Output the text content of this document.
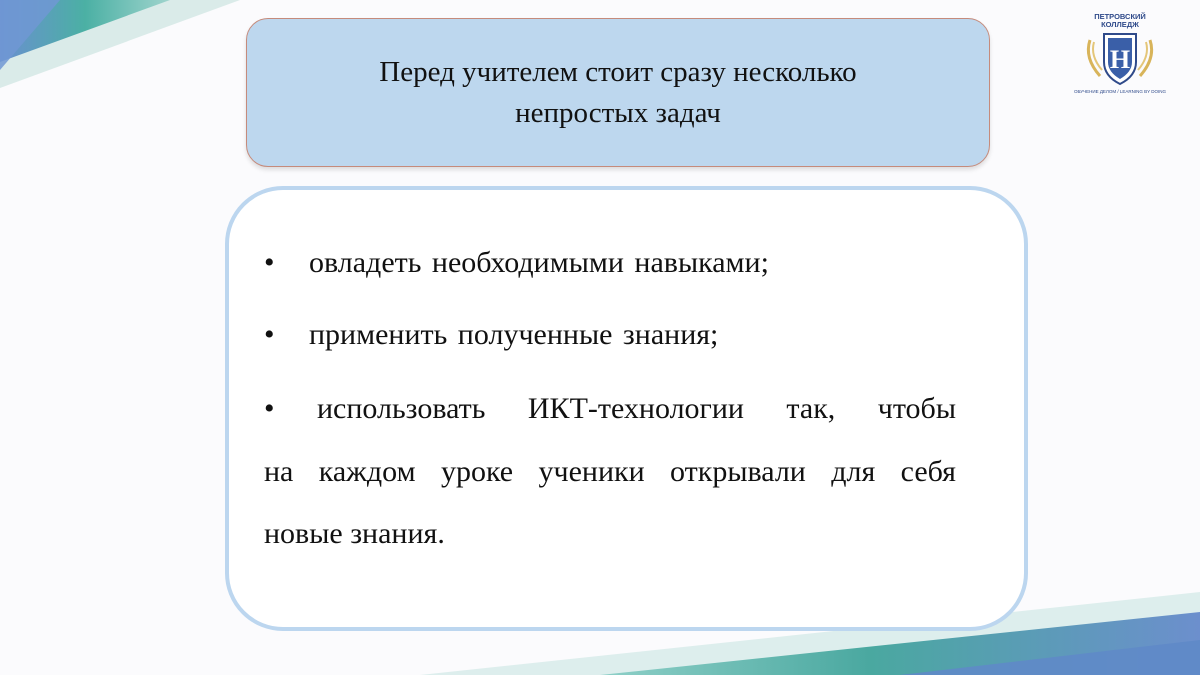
ПЕТРОВСКИЙ
КОЛЛЕДЖ
Н
ОБУЧЕНИЕ ДЕЛОМ / LEARNING BY DOING
Перед учителем стоит сразу несколько
непростых задач
• овладеть необходимыми навыками;
• применить полученные знания;
• использовать ИКТ-технологии так, чтобы
на каждом уроке ученики открывали для себя
новые знания.
